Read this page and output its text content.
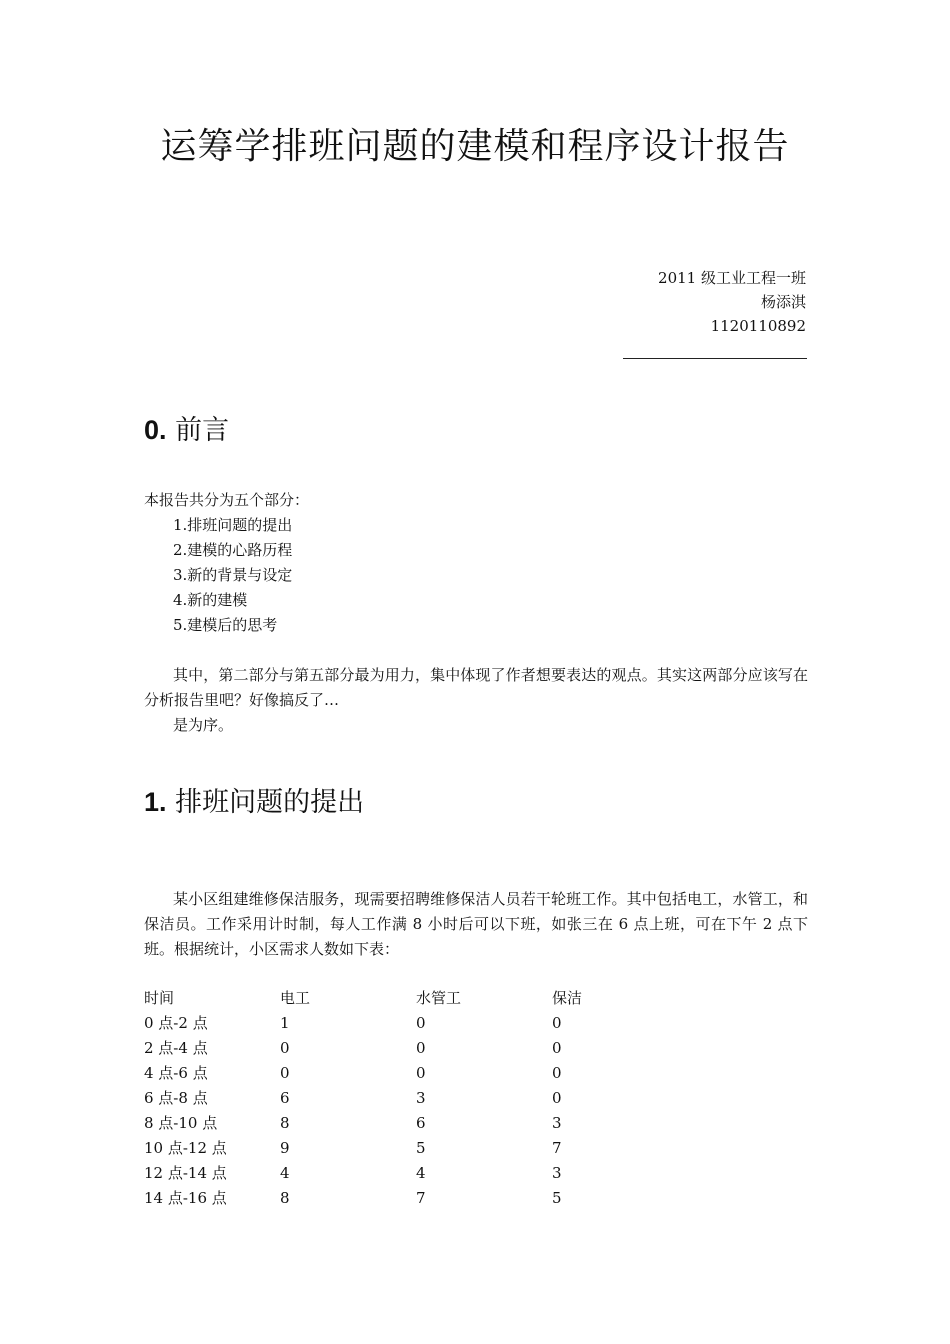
运筹学排班问题的建模和程序设计报告
2011 级工业工程一班
杨添淇
1120110892
0. 前言
本报告共分为五个部分：
1.排班问题的提出
2.建模的心路历程
3.新的背景与设定
4.新的建模
5.建模后的思考
其中，第二部分与第五部分最为用力，集中体现了作者想要表达的观点。其实这两部分应该写在分析报告里吧？好像搞反了…
是为序。
1. 排班问题的提出
某小区组建维修保洁服务，现需要招聘维修保洁人员若干轮班工作。其中包括电工，水管工，和保洁员。工作采用计时制，每人工作满 8 小时后可以下班，如张三在 6 点上班，可在下午 2 点下班。根据统计，小区需求人数如下表：
时间	电工	水管工	保洁
0 点-2 点	1	0	0
2 点-4 点	0	0	0
4 点-6 点	0	0	0
6 点-8 点	6	3	0
8 点-10 点	8	6	3
10 点-12 点	9	5	7
12 点-14 点	4	4	3
14 点-16 点	8	7	5
